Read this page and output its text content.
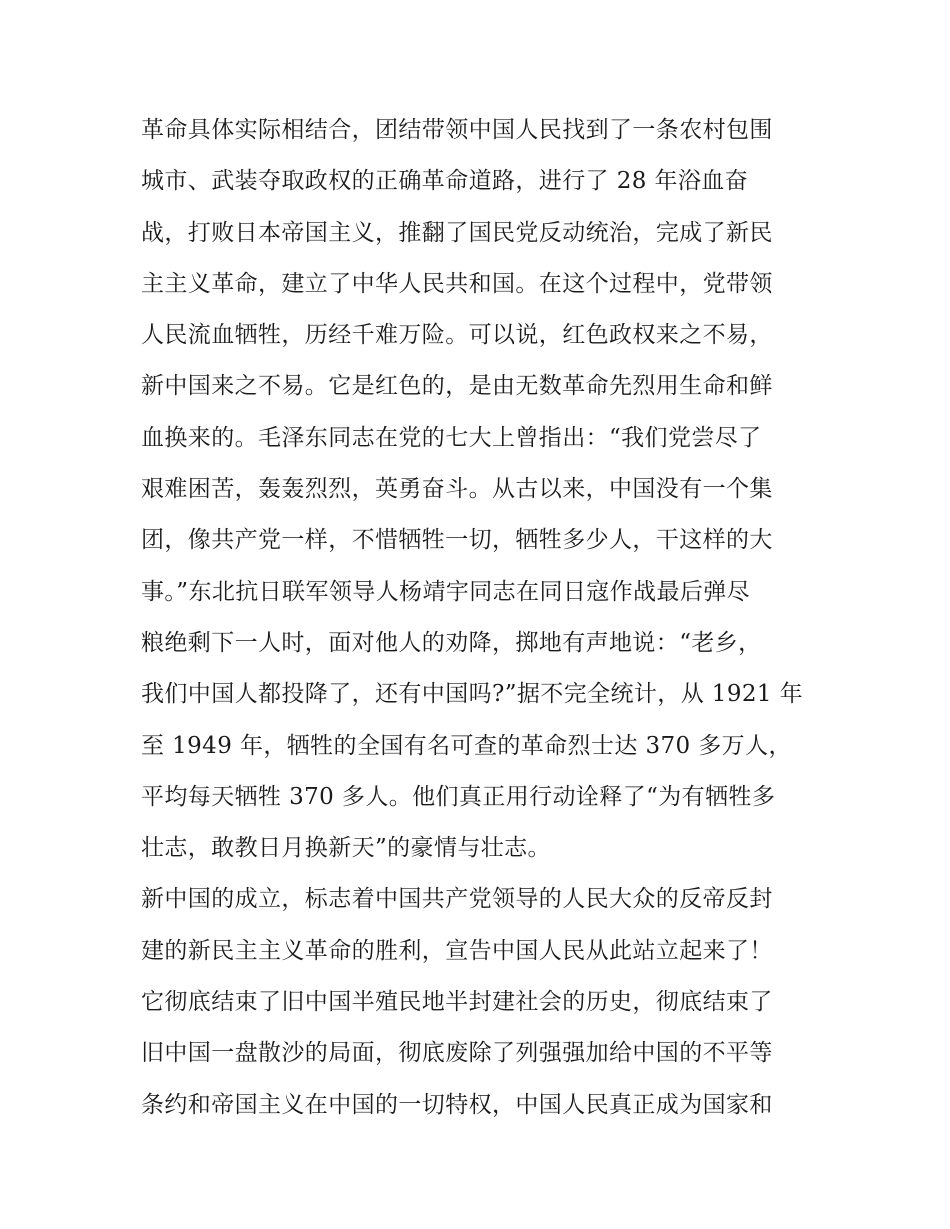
革命具体实际相结合，团结带领中国人民找到了一条农村包围
城市、武装夺取政权的正确革命道路，进行了 28 年浴血奋
战，打败日本帝国主义，推翻了国民党反动统治，完成了新民
主主义革命，建立了中华人民共和国。在这个过程中，党带领
人民流血牺牲，历经千难万险。可以说，红色政权来之不易，
新中国来之不易。它是红色的，是由无数革命先烈用生命和鲜
血换来的。毛泽东同志在党的七大上曾指出：“我们党尝尽了
艰难困苦，轰轰烈烈，英勇奋斗。从古以来，中国没有一个集
团，像共产党一样，不惜牺牲一切，牺牲多少人，干这样的大
事。”东北抗日联军领导人杨靖宇同志在同日寇作战最后弹尽
粮绝剩下一人时，面对他人的劝降，掷地有声地说：“老乡，
我们中国人都投降了，还有中国吗?”据不完全统计，从 1921 年
至 1949 年，牺牲的全国有名可查的革命烈士达 370 多万人，
平均每天牺牲 370 多人。他们真正用行动诠释了“为有牺牲多
壮志，敢教日月换新天”的豪情与壮志。
新中国的成立，标志着中国共产党领导的人民大众的反帝反封
建的新民主主义革命的胜利，宣告中国人民从此站立起来了！
它彻底结束了旧中国半殖民地半封建社会的历史，彻底结束了
旧中国一盘散沙的局面，彻底废除了列强强加给中国的不平等
条约和帝国主义在中国的一切特权，中国人民真正成为国家和
